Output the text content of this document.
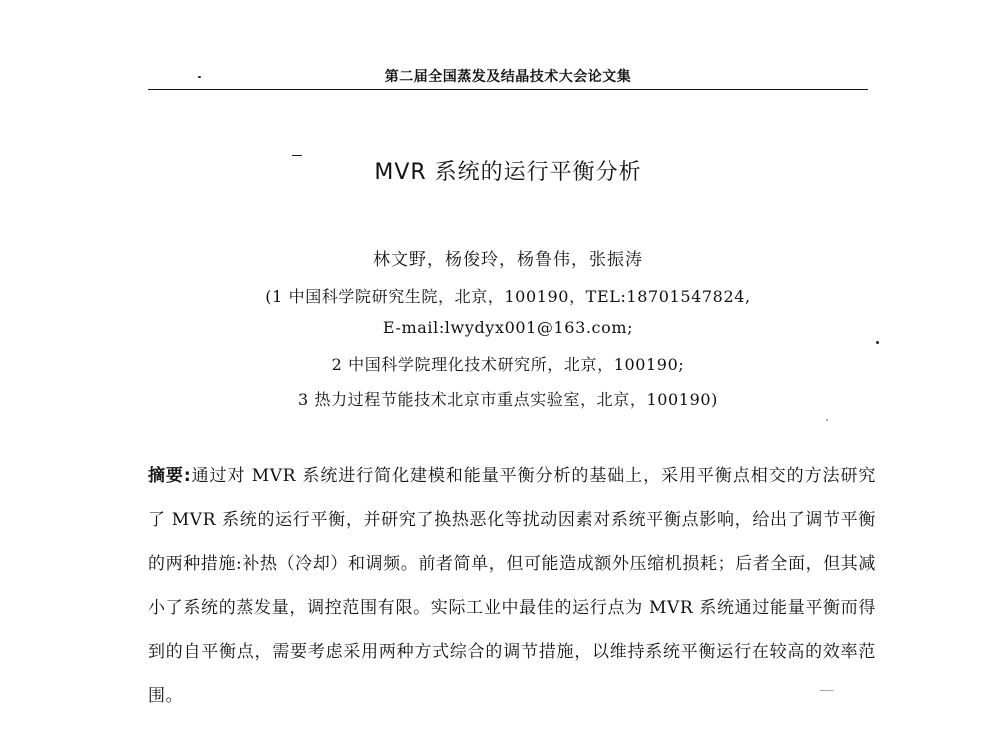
第二届全国蒸发及结晶技术大会论文集
MVR 系统的运行平衡分析
林文野，杨俊玲，杨鲁伟，张振涛
(1 中国科学院研究生院，北京，100190，TEL:18701547824,
E-mail:lwydyx001@163.com;
2 中国科学院理化技术研究所，北京，100190;
3 热力过程节能技术北京市重点实验室，北京，100190)
摘要:通过对 MVR 系统进行简化建模和能量平衡分析的基础上，采用平衡点相交的方法研究了 MVR 系统的运行平衡，并研究了换热恶化等扰动因素对系统平衡点影响，给出了调节平衡的两种措施:补热（冷却）和调频。前者简单，但可能造成额外压缩机损耗；后者全面，但其减小了系统的蒸发量，调控范围有限。实际工业中最佳的运行点为 MVR 系统通过能量平衡而得到的自平衡点，需要考虑采用两种方式综合的调节措施，以维持系统平衡运行在较高的效率范围。
